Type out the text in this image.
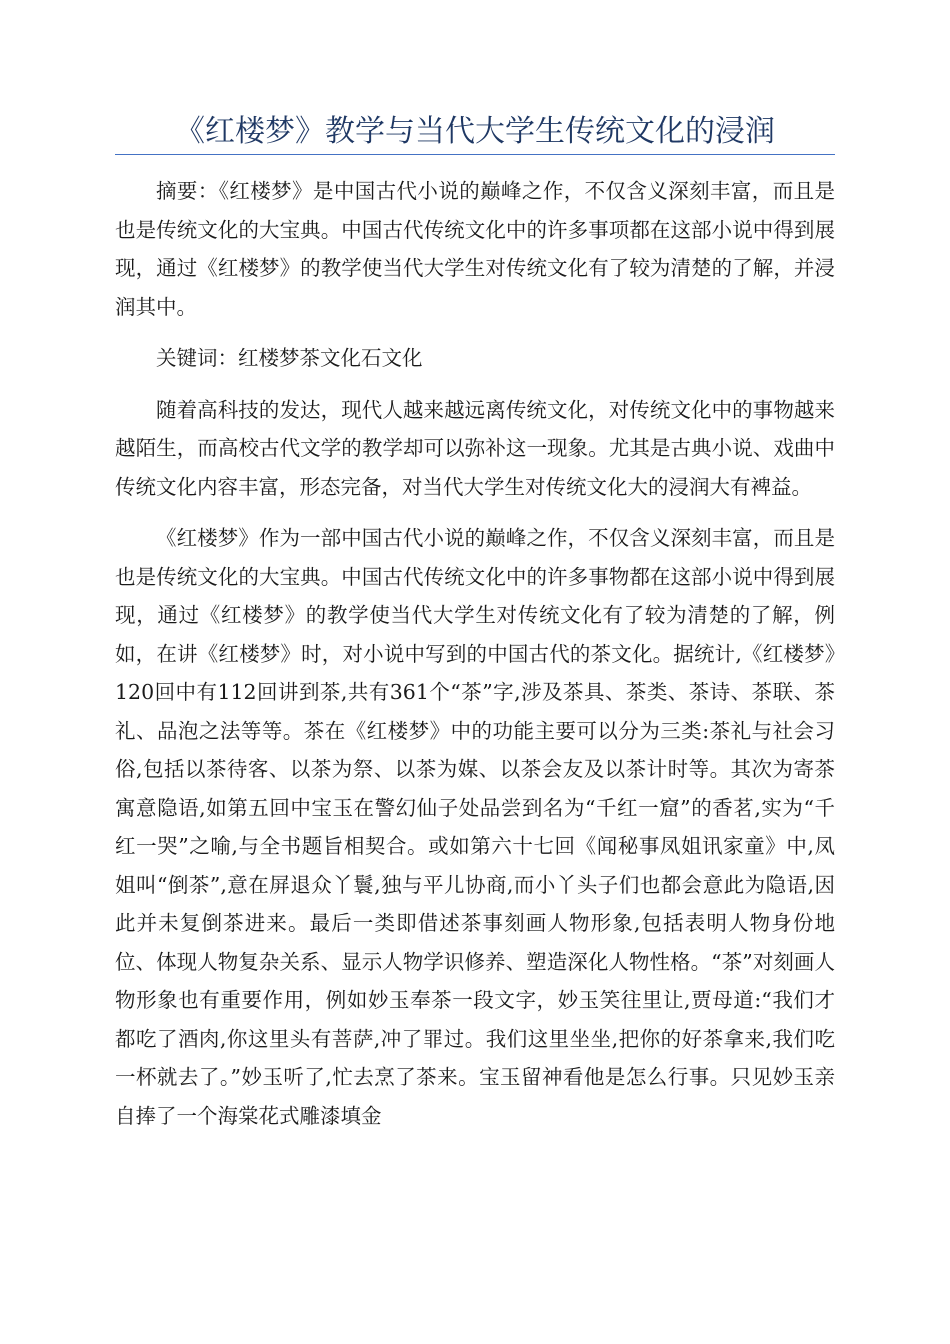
《红楼梦》教学与当代大学生传统文化的浸润

摘要：《红楼梦》是中国古代小说的巅峰之作，不仅含义深刻丰富，而且是也是传统文化的大宝典。中国古代传统文化中的许多事项都在这部小说中得到展现，通过《红楼梦》的教学使当代大学生对传统文化有了较为清楚的了解，并浸润其中。

关键词：红楼梦茶文化石文化

随着高科技的发达，现代人越来越远离传统文化，对传统文化中的事物越来越陌生，而高校古代文学的教学却可以弥补这一现象。尤其是古典小说、戏曲中传统文化内容丰富，形态完备，对当代大学生对传统文化大的浸润大有裨益。

《红楼梦》作为一部中国古代小说的巅峰之作，不仅含义深刻丰富，而且是也是传统文化的大宝典。中国古代传统文化中的许多事物都在这部小说中得到展现，通过《红楼梦》的教学使当代大学生对传统文化有了较为清楚的了解，例如，在讲《红楼梦》时，对小说中写到的中国古代的茶文化。据统计,《红楼梦》120回中有112回讲到茶,共有361个“茶”字,涉及茶具、茶类、茶诗、茶联、茶礼、品泡之法等等。茶在《红楼梦》中的功能主要可以分为三类:茶礼与社会习俗,包括以茶待客、以茶为祭、以茶为媒、以茶会友及以茶计时等。其次为寄茶寓意隐语,如第五回中宝玉在警幻仙子处品尝到名为“千红一窟”的香茗,实为“千红一哭”之喻,与全书题旨相契合。或如第六十七回《闻秘事凤姐讯家童》中,凤姐叫“倒茶”,意在屏退众丫鬟,独与平儿协商,而小丫头子们也都会意此为隐语,因此并未复倒茶进来。最后一类即借述茶事刻画人物形象,包括表明人物身份地位、体现人物复杂关系、显示人物学识修养、塑造深化人物性格。“茶”对刻画人物形象也有重要作用，例如妙玉奉茶一段文字，妙玉笑往里让,贾母道:“我们才都吃了酒肉,你这里头有菩萨,冲了罪过。我们这里坐坐,把你的好茶拿来,我们吃一杯就去了。”妙玉听了,忙去烹了茶来。宝玉留神看他是怎么行事。只见妙玉亲自捧了一个海棠花式雕漆填金
